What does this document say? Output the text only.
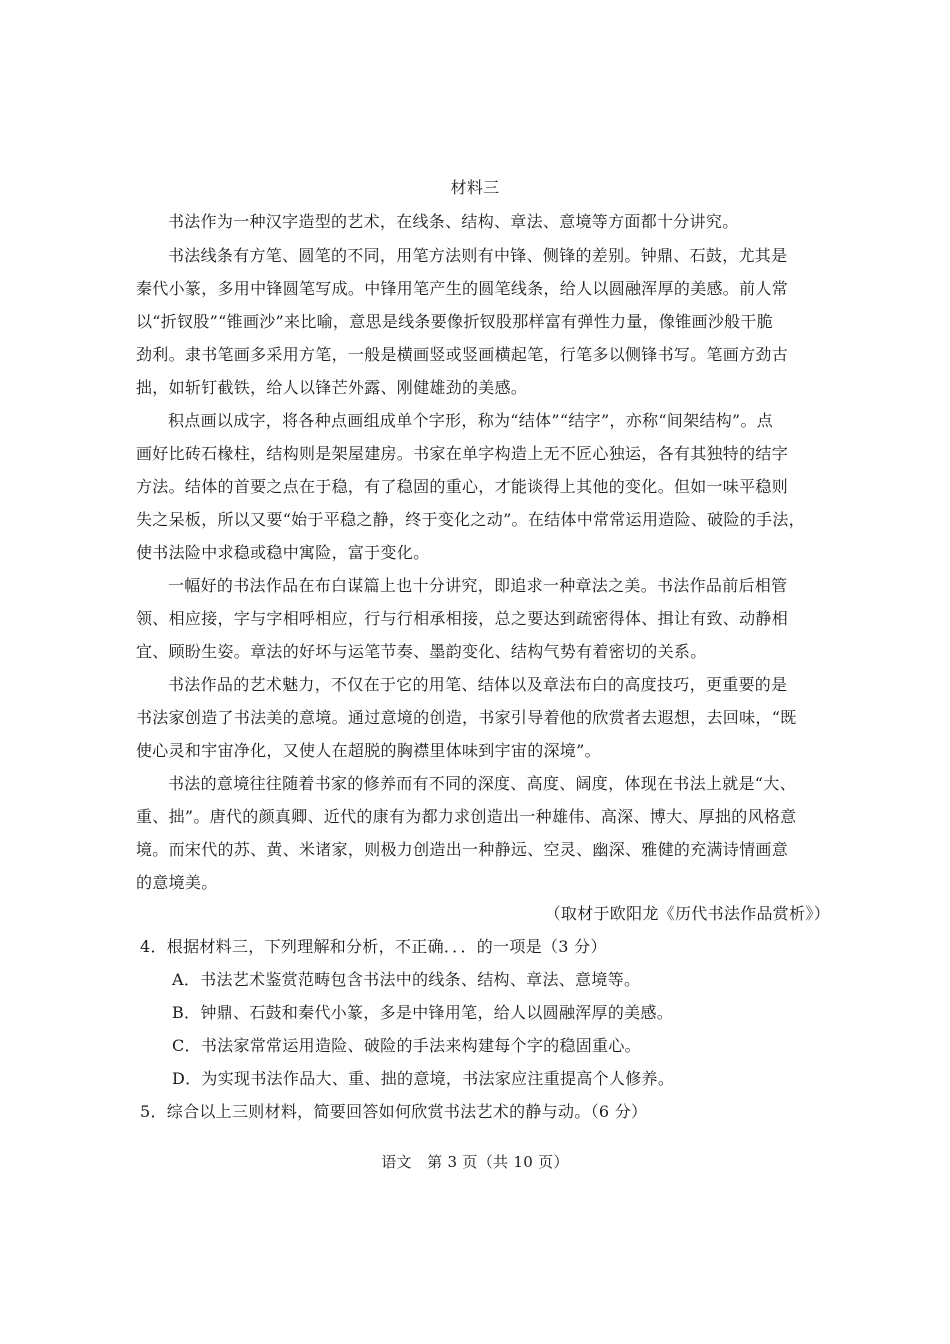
材料三
书法作为一种汉字造型的艺术，在线条、结构、章法、意境等方面都十分讲究。
书法线条有方笔、圆笔的不同，用笔方法则有中锋、侧锋的差别。钟鼎、石鼓，尤其是
秦代小篆，多用中锋圆笔写成。中锋用笔产生的圆笔线条，给人以圆融浑厚的美感。前人常
以“折钗股”“锥画沙”来比喻，意思是线条要像折钗股那样富有弹性力量，像锥画沙般干脆
劲利。隶书笔画多采用方笔，一般是横画竖或竖画横起笔，行笔多以侧锋书写。笔画方劲古
拙，如斩钉截铁，给人以锋芒外露、刚健雄劲的美感。
积点画以成字，将各种点画组成单个字形，称为“结体”“结字”，亦称“间架结构”。点
画好比砖石椽柱，结构则是架屋建房。书家在单字构造上无不匠心独运，各有其独特的结字
方法。结体的首要之点在于稳，有了稳固的重心，才能谈得上其他的变化。但如一味平稳则
失之呆板，所以又要“始于平稳之静，终于变化之动”。在结体中常常运用造险、破险的手法，
使书法险中求稳或稳中寓险，富于变化。
一幅好的书法作品在布白谋篇上也十分讲究，即追求一种章法之美。书法作品前后相管
领、相应接，字与字相呼相应，行与行相承相接，总之要达到疏密得体、揖让有致、动静相
宜、顾盼生姿。章法的好坏与运笔节奏、墨韵变化、结构气势有着密切的关系。
书法作品的艺术魅力，不仅在于它的用笔、结体以及章法布白的高度技巧，更重要的是
书法家创造了书法美的意境。通过意境的创造，书家引导着他的欣赏者去遐想，去回味，“既
使心灵和宇宙净化，又使人在超脱的胸襟里体味到宇宙的深境”。
书法的意境往往随着书家的修养而有不同的深度、高度、阔度，体现在书法上就是“大、
重、拙”。唐代的颜真卿、近代的康有为都力求创造出一种雄伟、高深、博大、厚拙的风格意
境。而宋代的苏、黄、米诸家，则极力创造出一种静远、空灵、幽深、雅健的充满诗情画意
的意境美。
（取材于欧阳龙《历代书法作品赏析》）
4．根据材料三，下列理解和分析，不正确．．．的一项是（3 分）
A．书法艺术鉴赏范畴包含书法中的线条、结构、章法、意境等。
B．钟鼎、石鼓和秦代小篆，多是中锋用笔，给人以圆融浑厚的美感。
C．书法家常常运用造险、破险的手法来构建每个字的稳固重心。
D．为实现书法作品大、重、拙的意境，书法家应注重提高个人修养。
5．综合以上三则材料，简要回答如何欣赏书法艺术的静与动。（6 分）
语文　第 3 页（共 10 页）
